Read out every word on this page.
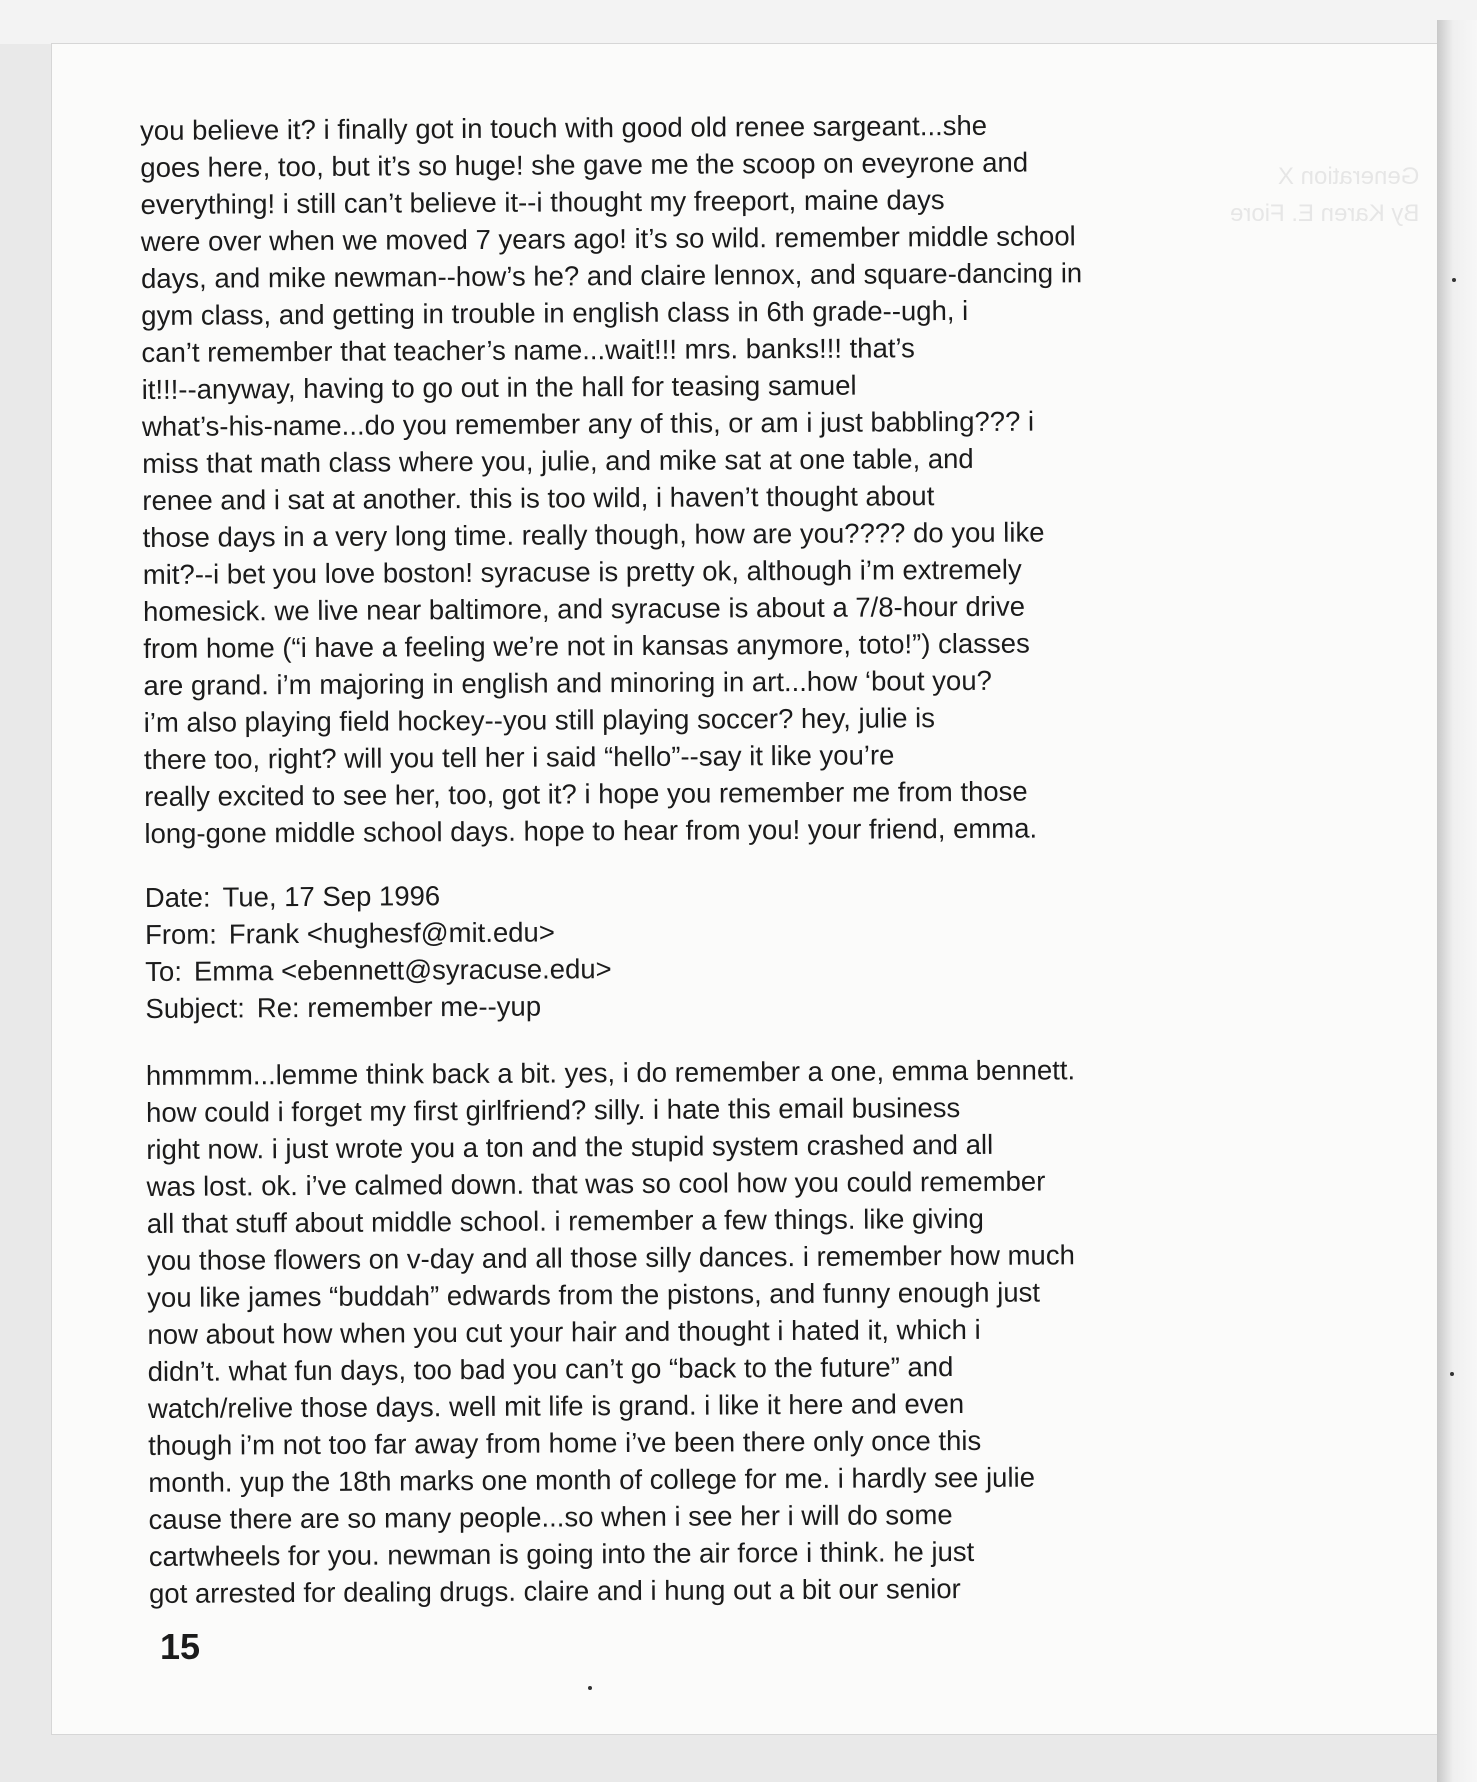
Generation X
By Karen E. Fiore

you believe it? i finally got in touch with good old renee sargeant...she
goes here, too, but it’s so huge! she gave me the scoop on eveyrone and
everything! i still can’t believe it--i thought my freeport, maine days
were over when we moved 7 years ago! it’s so wild. remember middle school
days, and mike newman--how’s he? and claire lennox, and square-dancing in
gym class, and getting in trouble in english class in 6th grade--ugh, i
can’t remember that teacher’s name...wait!!! mrs. banks!!! that’s
it!!!--anyway, having to go out in the hall for teasing samuel
what’s-his-name...do you remember any of this, or am i just babbling??? i
miss that math class where you, julie, and mike sat at one table, and
renee and i sat at another. this is too wild, i haven’t thought about
those days in a very long time. really though, how are you???? do you like
mit?--i bet you love boston! syracuse is pretty ok, although i’m extremely
homesick. we live near baltimore, and syracuse is about a 7/8-hour drive
from home (“i have a feeling we’re not in kansas anymore, toto!”) classes
are grand. i’m majoring in english and minoring in art...how ‘bout you?
i’m also playing field hockey--you still playing soccer? hey, julie is
there too, right? will you tell her i said “hello”--say it like you’re
really excited to see her, too, got it? i hope you remember me from those
long-gone middle school days. hope to hear from you! your friend, emma.

Date: Tue, 17 Sep 1996
From: Frank <hughesf@mit.edu>
To: Emma <ebennett@syracuse.edu>
Subject: Re: remember me--yup

hmmmm...lemme think back a bit. yes, i do remember a one, emma bennett.
how could i forget my first girlfriend? silly. i hate this email business
right now. i just wrote you a ton and the stupid system crashed and all
was lost. ok. i’ve calmed down. that was so cool how you could remember
all that stuff about middle school. i remember a few things. like giving
you those flowers on v-day and all those silly dances. i remember how much
you like james “buddah” edwards from the pistons, and funny enough just
now about how when you cut your hair and thought i hated it, which i
didn’t. what fun days, too bad you can’t go “back to the future” and
watch/relive those days. well mit life is grand. i like it here and even
though i’m not too far away from home i’ve been there only once this
month. yup the 18th marks one month of college for me. i hardly see julie
cause there are so many people...so when i see her i will do some
cartwheels for you. newman is going into the air force i think. he just
got arrested for dealing drugs. claire and i hung out a bit our senior

15
